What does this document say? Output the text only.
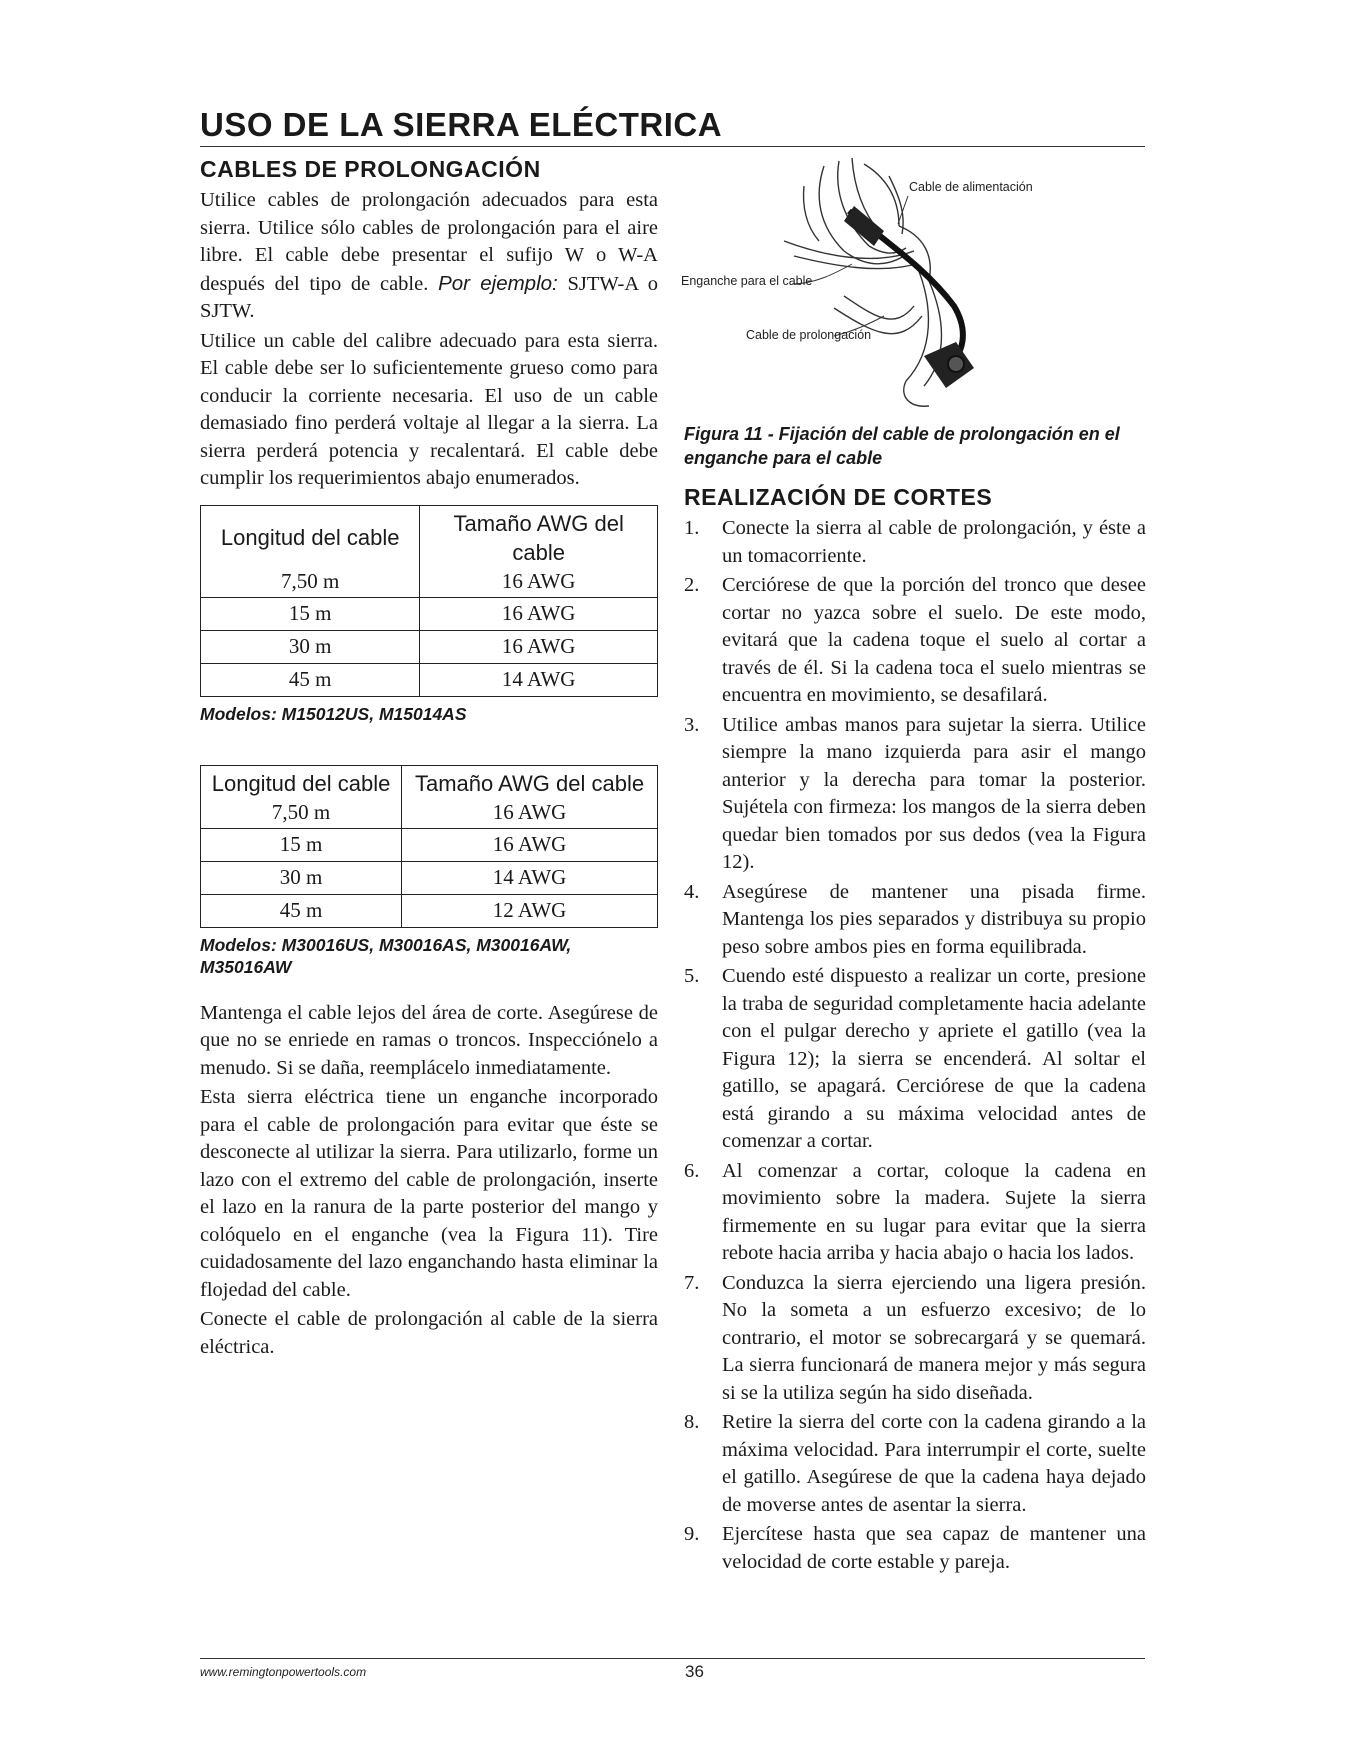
USO DE LA SIERRA ELÉCTRICA
CABLES DE PROLONGACIÓN

Utilice cables de prolongación adecuados para esta sierra. Utilice sólo cables de prolongación para el aire libre. El cable debe presentar el sufijo W o W-A después del tipo de cable. Por ejemplo: SJTW-A o SJTW.

Utilice un cable del calibre adecuado para esta sierra. El cable debe ser lo suficientemente grueso como para conducir la corriente necesaria. El uso de un cable demasiado fino perderá voltaje al llegar a la sierra. La sierra perderá potencia y recalentará. El cable debe cumplir los requerimientos abajo enumerados.

Longitud del cable	Tamaño AWG del cable
7,50 m	16 AWG
15 m	16 AWG
30 m	16 AWG
45 m	14 AWG

Modelos: M15012US, M15014AS

Longitud del cable	Tamaño AWG del cable
7,50 m	16 AWG
15 m	16 AWG
30 m	14 AWG
45 m	12 AWG

Modelos: M30016US, M30016AS, M30016AW, M35016AW

Mantenga el cable lejos del área de corte. Asegúrese de que no se enriede en ramas o troncos. Inspecciónelo a menudo. Si se daña, reemplácelo inmediatamente.

Esta sierra eléctrica tiene un enganche incorporado para el cable de prolongación para evitar que éste se desconecte al utilizar la sierra. Para utilizarlo, forme un lazo con el extremo del cable de prolongación, inserte el lazo en la ranura de la parte posterior del mango y colóquelo en el enganche (vea la Figura 11). Tire cuidadosamente del lazo enganchando hasta eliminar la flojedad del cable.

Conecte el cable de prolongación al cable de la sierra eléctrica.

Cable de alimentación
Enganche para el cable
Cable de prolongación

Figura 11 - Fijación del cable de prolongación en el enganche para el cable

REALIZACIÓN DE CORTES
1. Conecte la sierra al cable de prolongación, y éste a un tomacorriente.
2. Cerciórese de que la porción del tronco que desee cortar no yazca sobre el suelo. De este modo, evitará que la cadena toque el suelo al cortar a través de él. Si la cadena toca el suelo mientras se encuentra en movimiento, se desafilará.
3. Utilice ambas manos para sujetar la sierra. Utilice siempre la mano izquierda para asir el mango anterior y la derecha para tomar la posterior. Sujétela con firmeza: los mangos de la sierra deben quedar bien tomados por sus dedos (vea la Figura 12).
4. Asegúrese de mantener una pisada firme. Mantenga los pies separados y distribuya su propio peso sobre ambos pies en forma equilibrada.
5. Cuendo esté dispuesto a realizar un corte, presione la traba de seguridad completamente hacia adelante con el pulgar derecho y apriete el gatillo (vea la Figura 12); la sierra se encenderá. Al soltar el gatillo, se apagará. Cerciórese de que la cadena está girando a su máxima velocidad antes de comenzar a cortar.
6. Al comenzar a cortar, coloque la cadena en movimiento sobre la madera. Sujete la sierra firmemente en su lugar para evitar que la sierra rebote hacia arriba y hacia abajo o hacia los lados.
7. Conduzca la sierra ejerciendo una ligera presión. No la someta a un esfuerzo excesivo; de lo contrario, el motor se sobrecargará y se quemará. La sierra funcionará de manera mejor y más segura si se la utiliza según ha sido diseñada.
8. Retire la sierra del corte con la cadena girando a la máxima velocidad. Para interrumpir el corte, suelte el gatillo. Asegúrese de que la cadena haya dejado de moverse antes de asentar la sierra.
9. Ejercítese hasta que sea capaz de mantener una velocidad de corte estable y pareja.
www.remingtonpowertools.com	36
